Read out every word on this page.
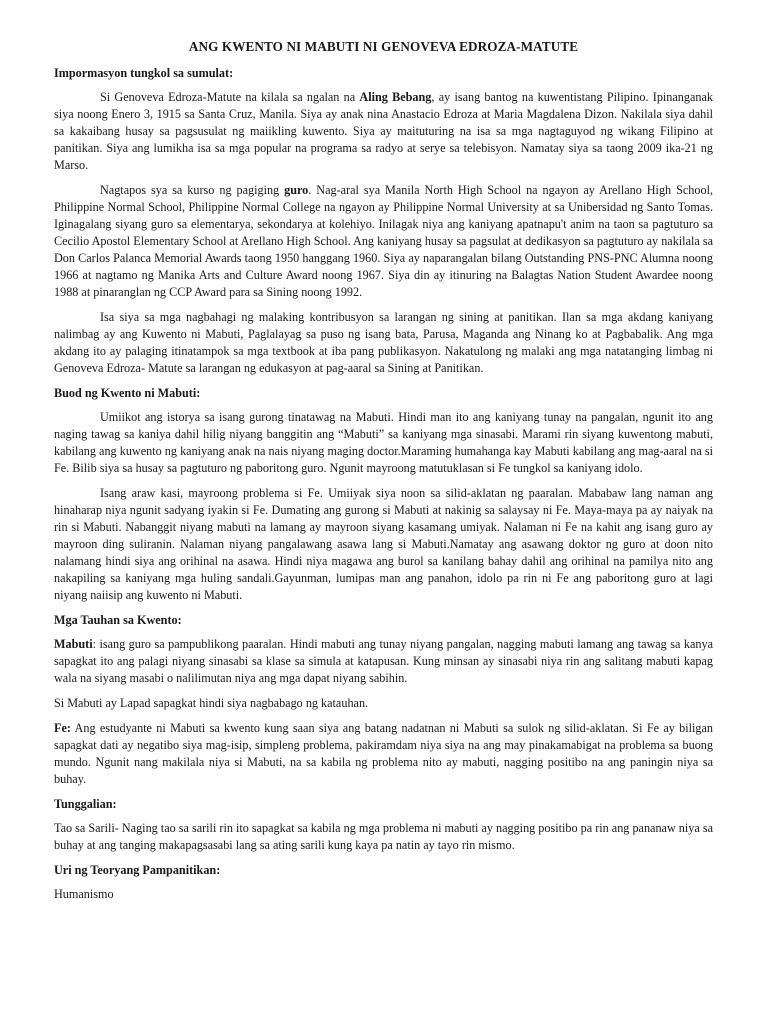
ANG KWENTO NI MABUTI NI GENOVEVA EDROZA-MATUTE
Impormasyon tungkol sa sumulat:

Si Genoveva Edroza-Matute na kilala sa ngalan na Aling Bebang, ay isang bantog na kuwentistang Pilipino. Ipinanganak siya noong Enero 3, 1915 sa Santa Cruz, Manila. Siya ay anak nina Anastacio Edroza at Maria Magdalena Dizon. Nakilala siya dahil sa kakaibang husay sa pagsusulat ng maiikling kuwento. Siya ay maituturing na isa sa mga nagtaguyod ng wikang Filipino at panitikan. Siya ang lumikha isa sa mga popular na programa sa radyo at serye sa telebisyon. Namatay siya sa taong 2009 ika-21 ng Marso.

Nagtapos sya sa kurso ng pagiging guro. Nag-aral sya Manila North High School na ngayon ay Arellano High School, Philippine Normal School, Philippine Normal College na ngayon ay Philippine Normal University at sa Unibersidad ng Santo Tomas. Iginagalang siyang guro sa elementarya, sekondarya at kolehiyo. Inilagak niya ang kaniyang apatnapu't anim na taon sa pagtuturo sa Cecilio Apostol Elementary School at Arellano High School. Ang kaniyang husay sa pagsulat at dedikasyon sa pagtuturo ay nakilala sa Don Carlos Palanca Memorial Awards taong 1950 hanggang 1960. Siya ay naparangalan bilang Outstanding PNS-PNC Alumna noong 1966 at nagtamo ng Manika Arts and Culture Award noong 1967. Siya din ay itinuring na Balagtas Nation Student Awardee noong 1988 at pinaranglan ng CCP Award para sa Sining noong 1992.

Isa siya sa mga nagbahagi ng malaking kontribusyon sa larangan ng sining at panitikan. Ilan sa mga akdang kaniyang nalimbag ay ang Kuwento ni Mabuti, Paglalayag sa puso ng isang bata, Parusa, Maganda ang Ninang ko at Pagbabalik. Ang mga akdang ito ay palaging itinatampok sa mga textbook at iba pang publikasyon. Nakatulong ng malaki ang mga natatanging limbag ni Genoveva Edroza- Matute sa larangan ng edukasyon at pag-aaral sa Sining at Panitikan.

Buod ng Kwento ni Mabuti:

Umiikot ang istorya sa isang gurong tinatawag na Mabuti. Hindi man ito ang kaniyang tunay na pangalan, ngunit ito ang naging tawag sa kaniya dahil hilig niyang banggitin ang “Mabuti” sa kaniyang mga sinasabi. Marami rin siyang kuwentong mabuti, kabilang ang kuwento ng kaniyang anak na nais niyang maging doctor.Maraming humahanga kay Mabuti kabilang ang mag-aaral na si Fe. Bilib siya sa husay sa pagtuturo ng paboritong guro. Ngunit mayroong matutuklasan si Fe tungkol sa kaniyang idolo.

Isang araw kasi, mayroong problema si Fe. Umiiyak siya noon sa silid-aklatan ng paaralan. Mababaw lang naman ang hinaharap niya ngunit sadyang iyakin si Fe. Dumating ang gurong si Mabuti at nakinig sa salaysay ni Fe. Maya-maya pa ay naiyak na rin si Mabuti. Nabanggit niyang mabuti na lamang ay mayroon siyang kasamang umiyak. Nalaman ni Fe na kahit ang isang guro ay mayroon ding suliranin. Nalaman niyang pangalawang asawa lang si Mabuti.Namatay ang asawang doktor ng guro at doon nito nalamang hindi siya ang orihinal na asawa. Hindi niya magawa ang burol sa kanilang bahay dahil ang orihinal na pamilya nito ang nakapiling sa kaniyang mga huling sandali.Gayunman, lumipas man ang panahon, idolo pa rin ni Fe ang paboritong guro at lagi niyang naiisip ang kuwento ni Mabuti.

Mga Tauhan sa Kwento:

Mabuti: isang guro sa pampublikong paaralan. Hindi mabuti ang tunay niyang pangalan, nagging mabuti lamang ang tawag sa kanya sapagkat ito ang palagi niyang sinasabi sa klase sa simula at katapusan. Kung minsan ay sinasabi niya rin ang salitang mabuti kapag wala na siyang masabi o nalilimutan niya ang mga dapat niyang sabihin.

Si Mabuti ay Lapad sapagkat hindi siya nagbabago ng katauhan.

Fe: Ang estudyante ni Mabuti sa kwento kung saan siya ang batang nadatnan ni Mabuti sa sulok ng silid-aklatan. Si Fe ay biligan sapagkat dati ay negatibo siya mag-isip, simpleng problema, pakiramdam niya siya na ang may pinakamabigat na problema sa buong mundo. Ngunit nang makilala niya si Mabuti, na sa kabila ng problema nito ay mabuti, nagging positibo na ang paningin niya sa buhay.

Tunggalian:

Tao sa Sarili- Naging tao sa sarili rin ito sapagkat sa kabila ng mga problema ni mabuti ay nagging positibo pa rin ang pananaw niya sa buhay at ang tanging makapagsasabi lang sa ating sarili kung kaya pa natin ay tayo rin mismo.

Uri ng Teoryang Pampanitikan:

Humanismo
